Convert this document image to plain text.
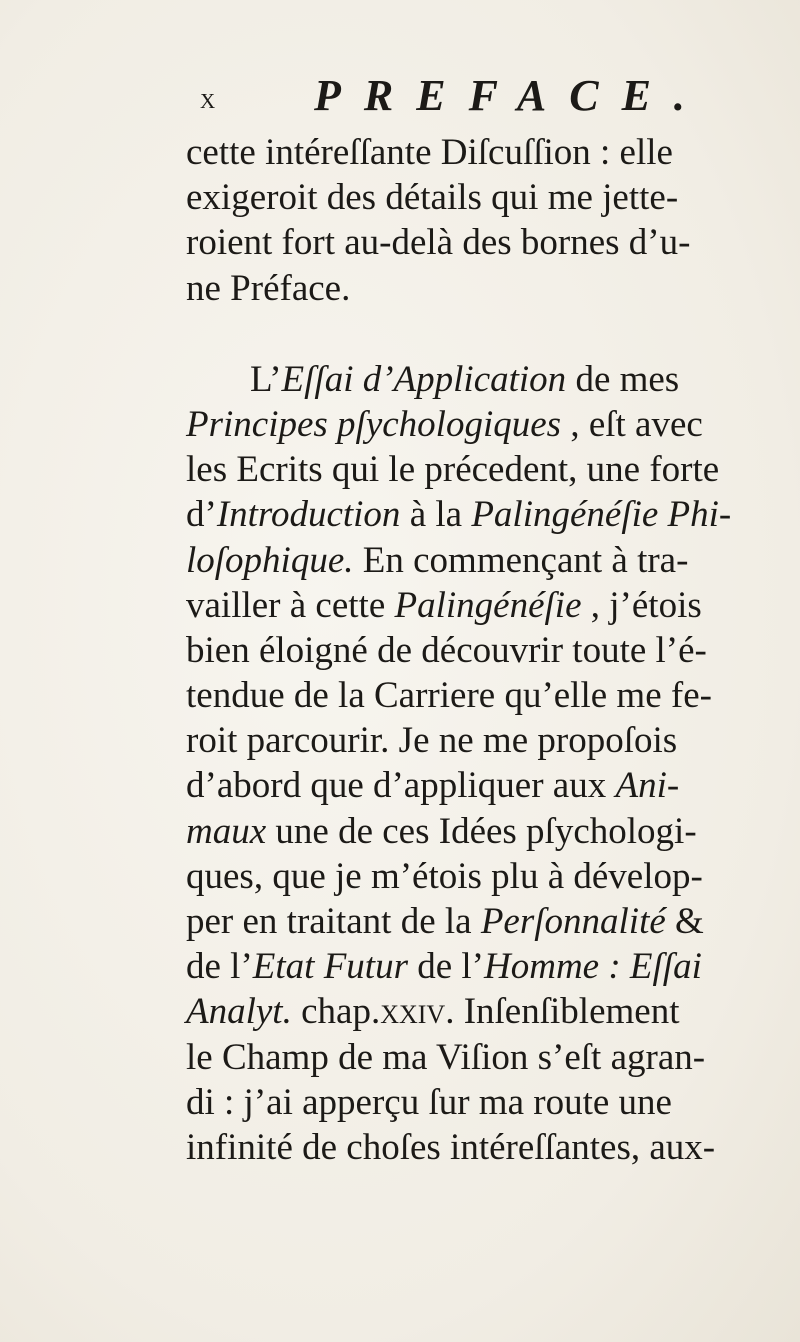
x PREFACE.
cette intéreſſante Diſcuſſion : elle
exigeroit des détails qui me jette-
roient fort au-delà des bornes d’u-
ne Préface.
L’Eſſai d’Application de mes
Principes pſychologiques , eſt avec
les Ecrits qui le précedent, une forte
d’Introduction à la Palingénéſie Phi-
loſophique. En commençant à tra-
vailler à cette Palingénéſie , j’étois
bien éloigné de découvrir toute l’é-
tendue de la Carriere qu’elle me fe-
roit parcourir. Je ne me propoſois
d’abord que d’appliquer aux Ani-
maux une de ces Idées pſychologi-
ques, que je m’étois plu à dévelop-
per en traitant de la Perſonnalité &
de l’Etat Futur de l’Homme : Eſſai
Analyt. chap.xxiv. Inſenſiblement
le Champ de ma Viſion s’eſt agran-
di : j’ai apperçu ſur ma route une
infinité de choſes intéreſſantes, aux-
